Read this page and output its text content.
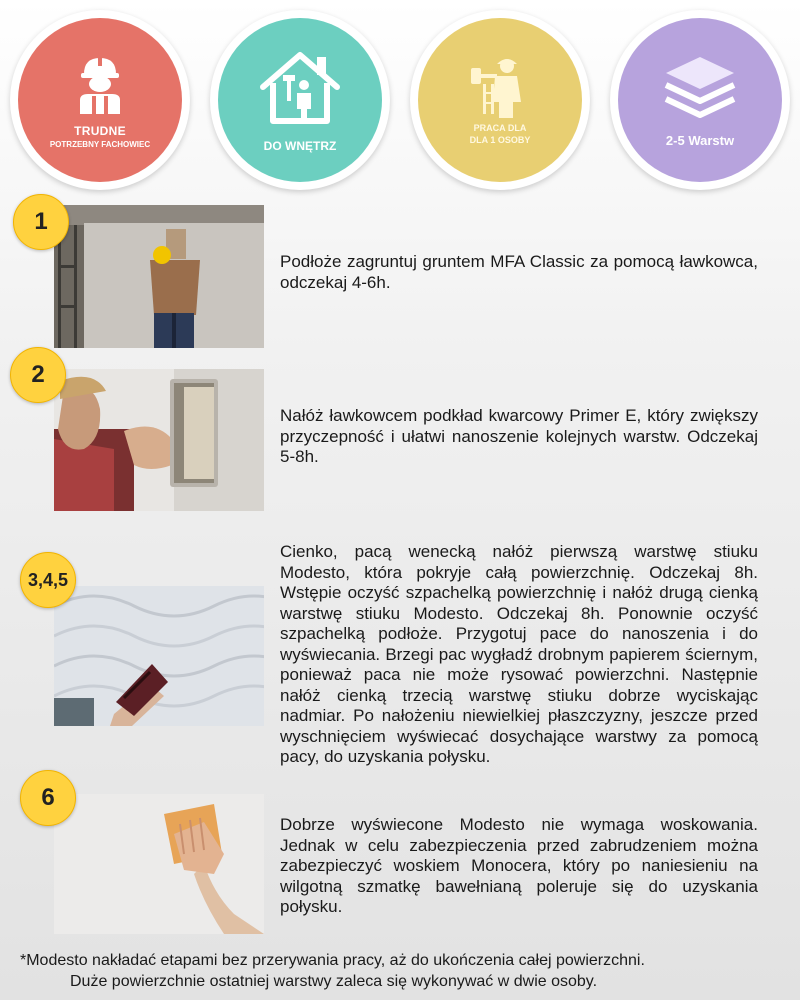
TRUDNE
POTRZEBNY FACHOWIEC	DO WNĘTRZ
PRACA DLA
DLA 1 OSOBY	2-5 Warstw
1
Podłoże zagruntuj gruntem MFA Classic za pomocą ławkowca, odczekaj 4-6h.
2
Nałóż ławkowcem podkład kwarcowy Primer E, który zwiększy przyczepność i ułatwi nanoszenie kolejnych warstw. Odczekaj 5-8h.
3,4,5
Cienko, pacą wenecką nałóż pierwszą warstwę stiuku Modesto, która pokryje całą powierzchnię. Odczekaj 8h. Wstępie oczyść szpachelką powierzchnię i nałóż drugą cienką warstwę stiuku Modesto. Odczekaj 8h. Ponownie oczyść szpachelką podłoże. Przygotuj pace do nanoszenia i do wyświecania. Brzegi pac wygładź drobnym papierem ściernym, ponieważ paca nie może rysować powierzchni. Następnie nałóż cienką trzecią warstwę stiuku dobrze wyciskając nadmiar. Po nałożeniu niewielkiej płaszczyzny, jeszcze przed wyschnięciem wyświecać dosychające warstwy za pomocą pacy, do uzyskania połysku.
6
Dobrze wyświecone Modesto nie wymaga woskowania. Jednak w celu zabezpieczenia przed zabrudzeniem można zabezpieczyć woskiem Monocera, który po naniesieniu na wilgotną szmatkę bawełnianą poleruje się do uzyskania połysku.
*Modesto nakładać etapami bez przerywania pracy, aż do ukończenia całej powierzchni.
Duże powierzchnie ostatniej warstwy zaleca się wykonywać w dwie osoby.
